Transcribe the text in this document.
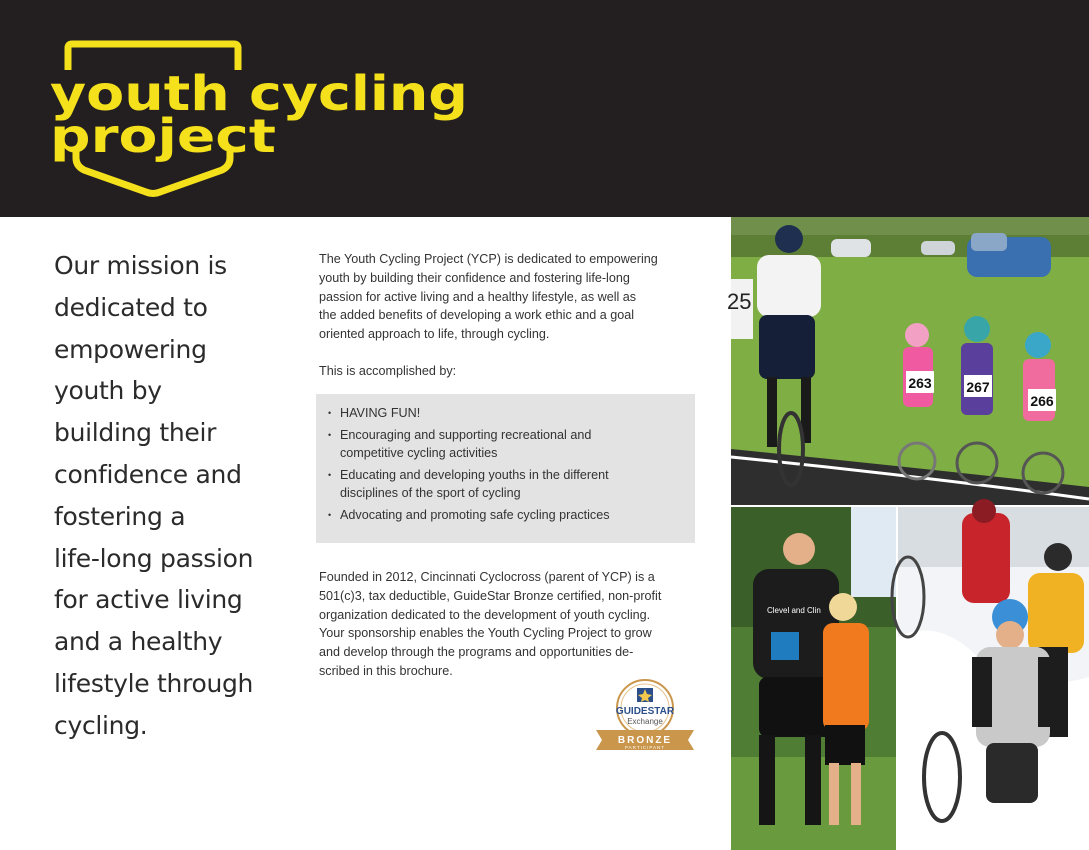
youth cycling
project
Our mission is
dedicated to
empowering
youth by
building their
confidence and
fostering a
life-long passion
for active living
and a healthy
lifestyle through
cycling.
The Youth Cycling Project (YCP) is dedicated to empowering
youth by building their confidence and fostering life-long
passion for active living and a healthy lifestyle, as well as
the added benefits of developing a work ethic and a goal
oriented approach to life, through cycling.
This is accomplished by:
• HAVING FUN!
• Encouraging and supporting recreational and
competitive cycling activities
• Educating and developing youths in the different
disciplines of the sport of cycling
• Advocating and promoting safe cycling practices
Founded in 2012, Cincinnati Cyclocross (parent of YCP) is a
501(c)3, tax deductible, GuideStar Bronze certified, non-profit
organization dedicated to the development of youth cycling.
Your sponsorship enables the Youth Cycling Project to grow
and develop through the programs and opportunities de-
scribed in this brochure.
GUIDESTAR
Exchange
BRONZE
PARTICIPANT
25
263 267
266
Clevel and Clin
